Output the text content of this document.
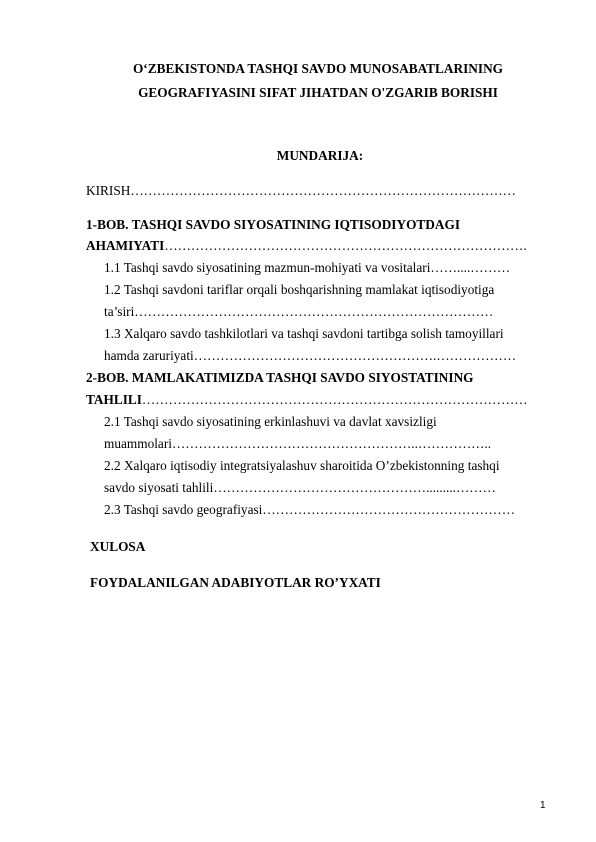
O‘ZBEKISTONDA TASHQI SAVDO MUNOSABATLARINING
GEOGRAFIYASINI SIFAT JIHATDAN O'ZGARIB BORISHI
MUNDARIJA:
KIRISH……………………………………………………………………………
1-BOB. TASHQI SAVDO SIYOSATINING IQTISODIYOTDAGI
AHAMIYATI……………………………………………………………………….
1.1 Tashqi savdo siyosatining mazmun-mohiyati va vositalari……....………
1.2 Tashqi savdoni tariflar orqali boshqarishning mamlakat iqtisodiyotiga
ta’siri………………………………………………………………………
1.3 Xalqaro savdo tashkilotlari va tashqi savdoni tartibga solish tamoyillari
hamda zaruriyati……………………………………………….………………
2-BOB. MAMLAKATIMIZDA TASHQI SAVDO SIYOSTATINING
TAHLILI……………………………………………………………………………
2.1 Tashqi savdo siyosatining erkinlashuvi va davlat xavsizligi
muammolari………………………………………………..……………..
2.2 Xalqaro iqtisodiy integratsiyalashuv sharoitida O’zbekistonning tashqi
savdo siyosati tahlili………………………………………….........………
2.3 Tashqi savdo geografiyasi…………………………………………………
XULOSA
FOYDALANILGAN ADABIYOTLAR RO’YXATI
1
